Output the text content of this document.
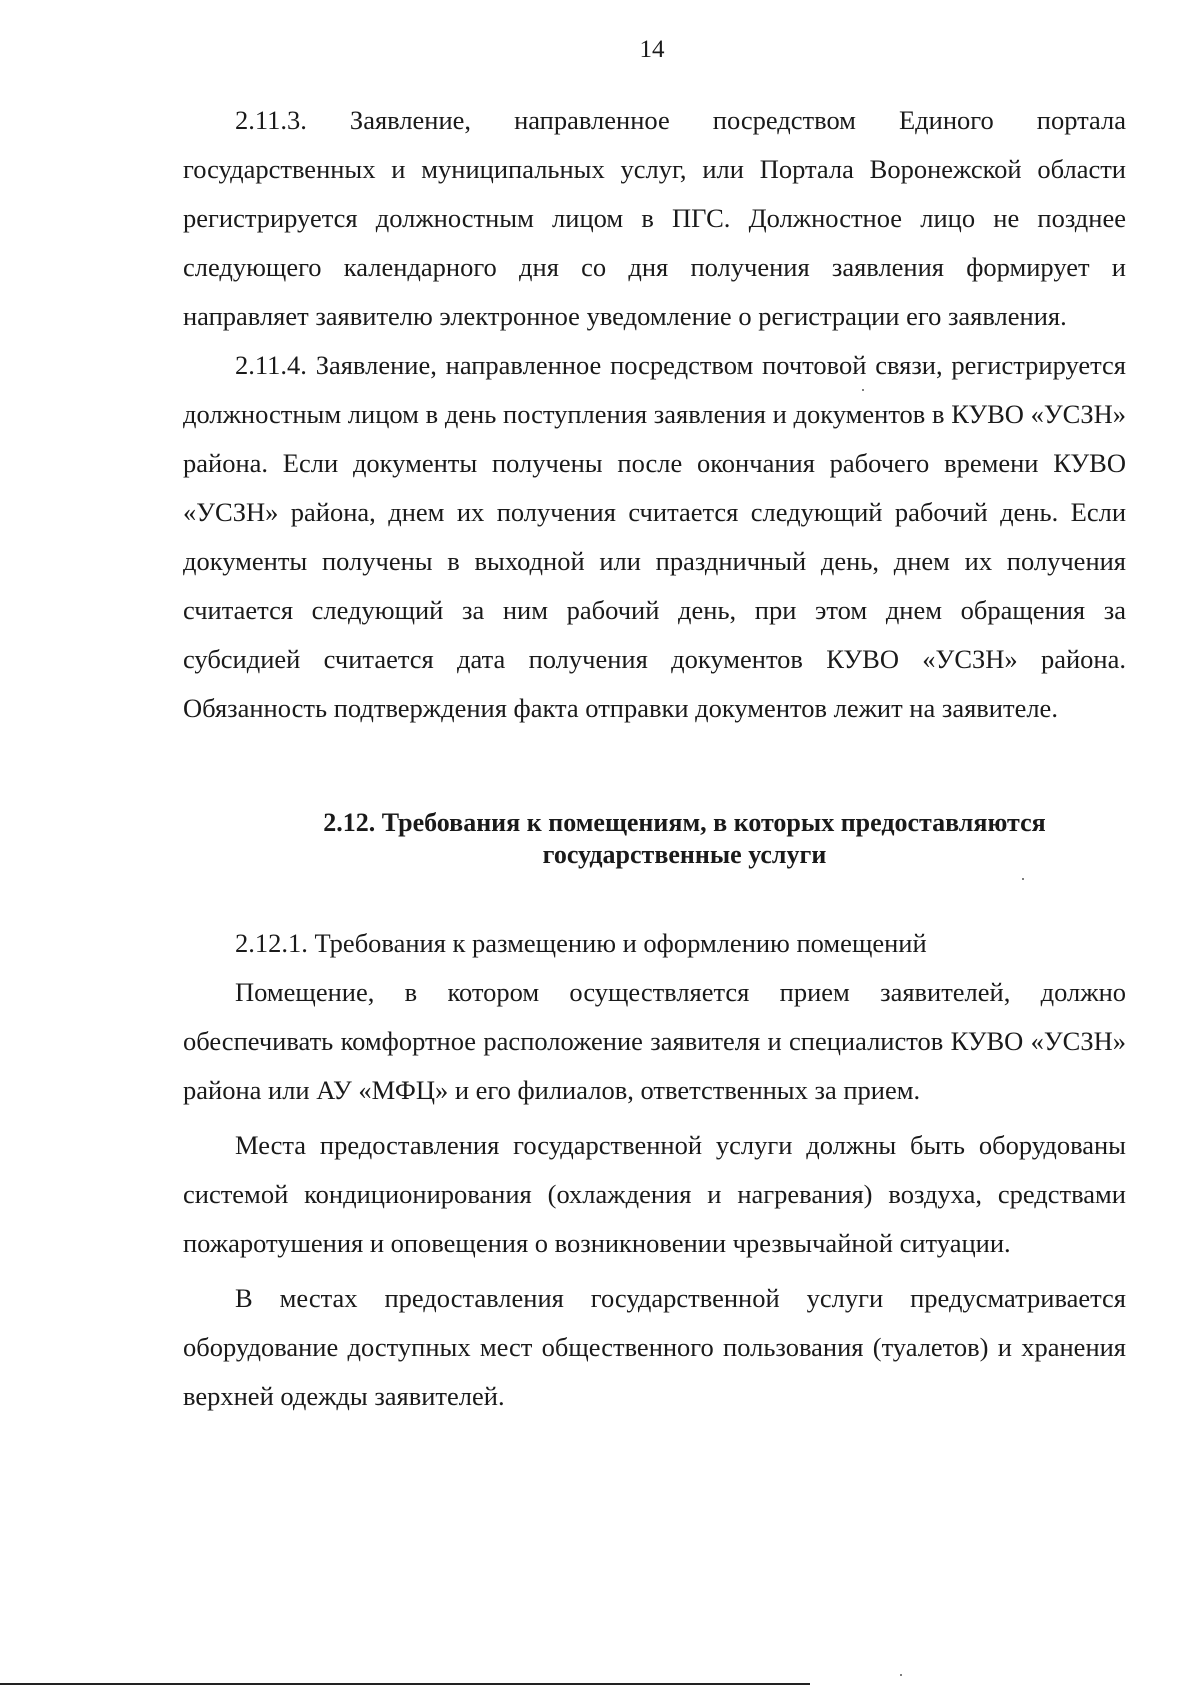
14

2.11.3. Заявление, направленное посредством Единого портала государственных и муниципальных услуг, или Портала Воронежской области регистрируется должностным лицом в ПГС. Должностное лицо не позднее следующего календарного дня со дня получения заявления формирует и направляет заявителю электронное уведомление о регистрации его заявления.

2.11.4. Заявление, направленное посредством почтовой связи, регистрируется должностным лицом в день поступления заявления и документов в КУВО «УСЗН» района. Если документы получены после окончания рабочего времени КУВО «УСЗН» района, днем их получения считается следующий рабочий день. Если документы получены в выходной или праздничный день, днем их получения считается следующий за ним рабочий день, при этом днем обращения за субсидией считается дата получения документов КУВО «УСЗН» района. Обязанность подтверждения факта отправки документов лежит на заявителе.

2.12. Требования к помещениям, в которых предоставляются
государственные услуги

2.12.1. Требования к размещению и оформлению помещений

Помещение, в котором осуществляется прием заявителей, должно обеспечивать комфортное расположение заявителя и специалистов КУВО «УСЗН» района или АУ «МФЦ» и его филиалов, ответственных за прием.

Места предоставления государственной услуги должны быть оборудованы системой кондиционирования (охлаждения и нагревания) воздуха, средствами пожаротушения и оповещения о возникновении чрезвычайной ситуации.

В местах предоставления государственной услуги предусматривается оборудование доступных мест общественного пользования (туалетов) и хранения верхней одежды заявителей.
